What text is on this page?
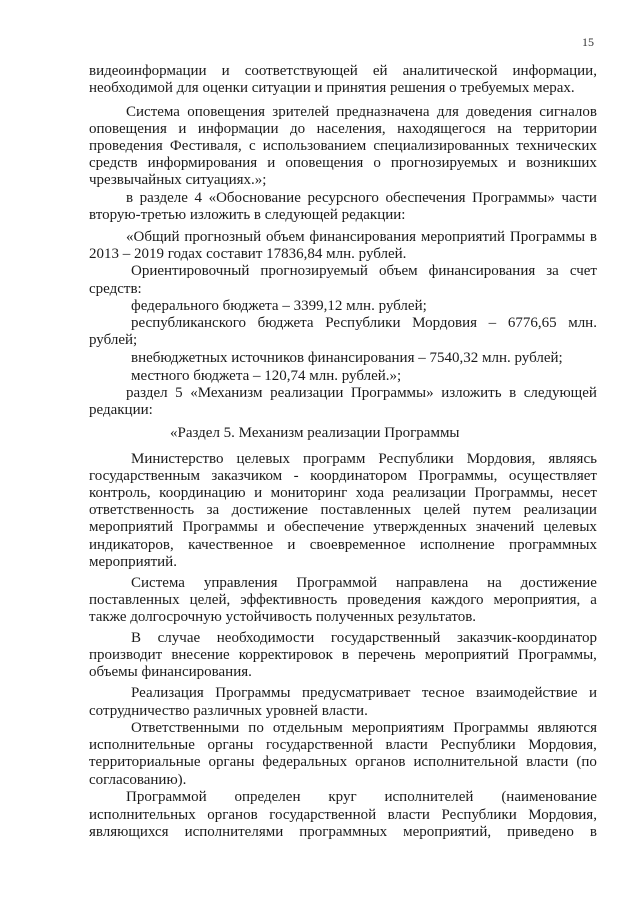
15
видеоинформации и соответствующей ей аналитической информации,
необходимой для оценки ситуации и принятия решения о требуемых мерах.
Система оповещения зрителей предназначена для доведения сигналов
оповещения и информации до населения, находящегося на территории
проведения Фестиваля, с использованием специализированных технических
средств информирования и оповещения о прогнозируемых и возникших
чрезвычайных ситуациях.»;
в разделе 4 «Обоснование ресурсного обеспечения Программы» части
вторую-третью изложить в следующей редакции:
«Общий прогнозный объем финансирования мероприятий Программы в
2013 – 2019 годах составит 17836,84 млн. рублей.
Ориентировочный прогнозируемый объем финансирования за счет
средств:
федерального бюджета – 3399,12 млн. рублей;
республиканского бюджета Республики Мордовия – 6776,65 млн.
рублей;
внебюджетных источников финансирования – 7540,32 млн. рублей;
местного бюджета – 120,74 млн. рублей.»;
раздел 5 «Механизм реализации Программы» изложить в следующей
редакции:
«Раздел 5. Механизм реализации Программы
Министерство целевых программ Республики Мордовия, являясь
государственным заказчиком - координатором Программы, осуществляет
контроль, координацию и мониторинг хода реализации Программы, несет
ответственность за достижение поставленных целей путем реализации
мероприятий Программы и обеспечение утвержденных значений целевых
индикаторов, качественное и своевременное исполнение программных
мероприятий.
Система управления Программой направлена на достижение
поставленных целей, эффективность проведения каждого мероприятия, а
также долгосрочную устойчивость полученных результатов.
В случае необходимости государственный заказчик-координатор
производит внесение корректировок в перечень мероприятий Программы,
объемы финансирования.
Реализация Программы предусматривает тесное взаимодействие и
сотрудничество различных уровней власти.
Ответственными по отдельным мероприятиям Программы являются
исполнительные органы государственной власти Республики Мордовия,
территориальные органы федеральных органов исполнительной власти (по
согласованию).
Программой определен круг исполнителей (наименование
исполнительных органов государственной власти Республики Мордовия,
являющихся исполнителями программных мероприятий, приведено в
